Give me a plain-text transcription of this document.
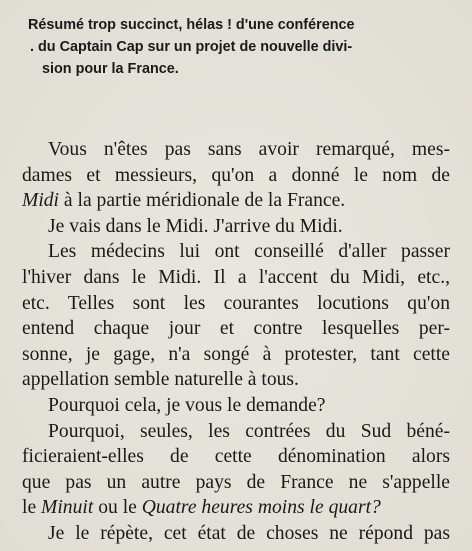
Résumé trop succinct, hélas ! d'une conférence
. du Captain Cap sur un projet de nouvelle divi-
sion pour la France.
Vous n'êtes pas sans avoir remarqué, mes-
dames et messieurs, qu'on a donné le nom de
Midi à la partie méridionale de la France.
Je vais dans le Midi. J'arrive du Midi.
Les médecins lui ont conseillé d'aller passer
l'hiver dans le Midi. Il a l'accent du Midi, etc.,
etc. Telles sont les courantes locutions qu'on
entend chaque jour et contre lesquelles per-
sonne, je gage, n'a songé à protester, tant cette
appellation semble naturelle à tous.
Pourquoi cela, je vous le demande?
Pourquoi, seules, les contrées du Sud béné-
ficieraient-elles de cette dénomination alors
que pas un autre pays de France ne s'appelle
le Minuit ou le Quatre heures moins le quart?
Je le répète, cet état de choses ne répond pas
